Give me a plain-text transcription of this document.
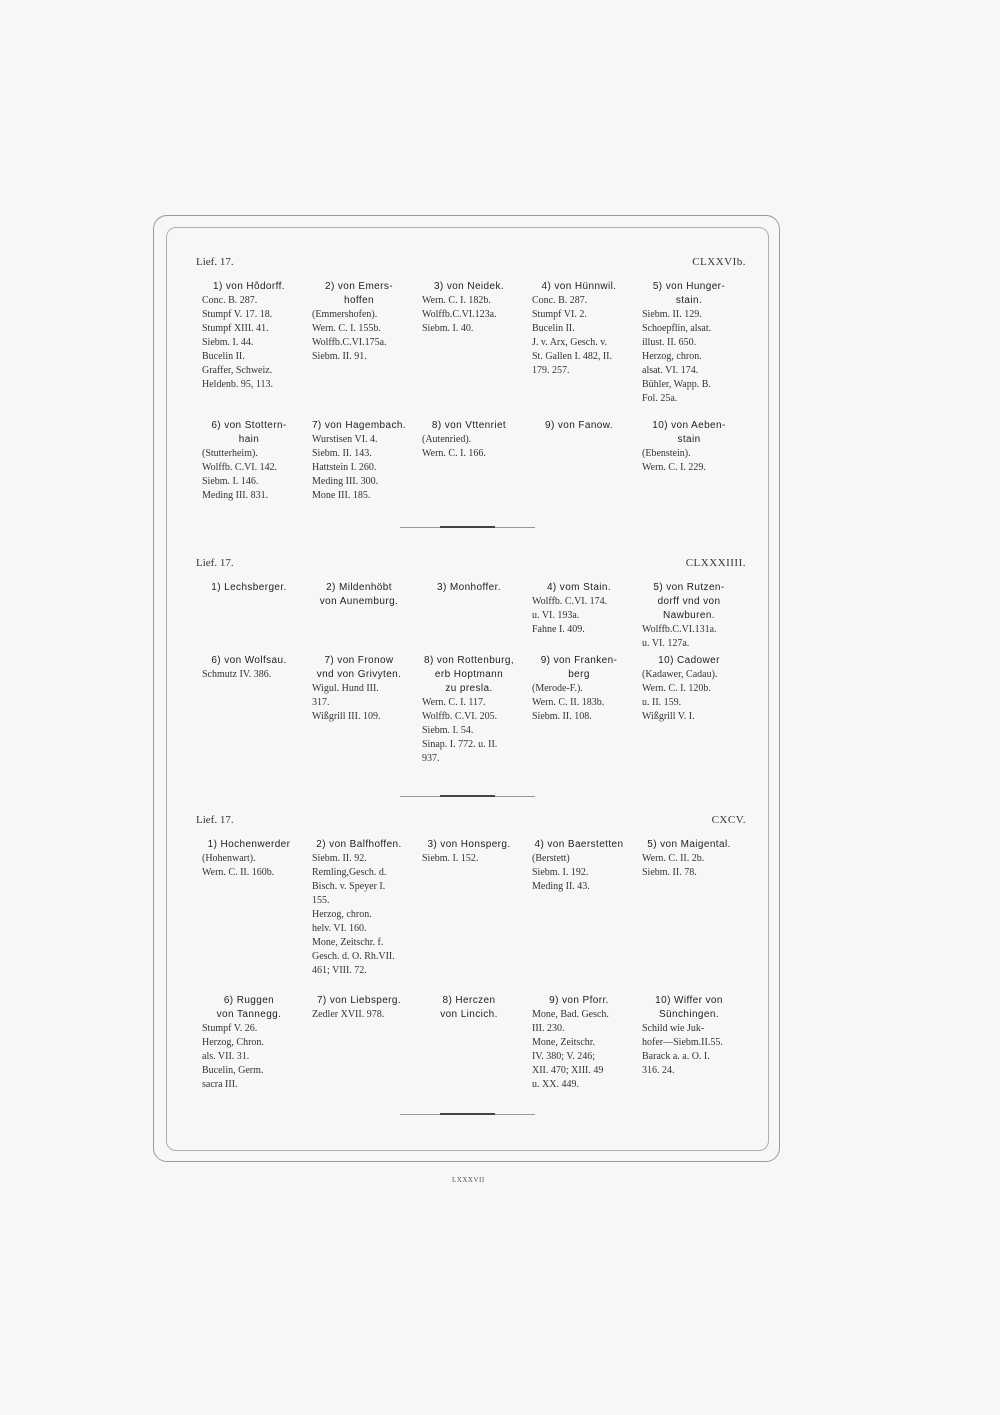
Lief. 17.	CLXXVIb.
1) von Hôdorff.
Conc. B. 287.
Stumpf V. 17. 18.
Stumpf XIII. 41.
Siebm. I. 44.
Bucelin II.
Graffer, Schweiz.
Heldenb. 95, 113.
2) von Emers-
hoffen
(Emmershofen).
Wern. C. I. 155b.
Wolffb.C.VI.175a.
Siebm. II. 91.
3) von Neidek.
Wern. C. I. 182b.
Wolffb.C.VI.123a.
Siebm. I. 40.
4) von Hünnwil.
Conc. B. 287.
Stumpf VI. 2.
Bucelin II.
J. v. Arx, Gesch. v.
St. Gallen I. 482, II.
179. 257.
5) von Hunger-
stain.
Siebm. II. 129.
Schoepflin, alsat.
illust. II. 650.
Herzog, chron.
alsat. VI. 174.
Bühler, Wapp. B.
Fol. 25a.
6) von Stottern-
hain
(Stutterheim).
Wolffb. C.VI. 142.
Siebm. I. 146.
Meding III. 831.
7) von Hagembach.
Wurstisen VI. 4.
Siebm. II. 143.
Hattstein I. 260.
Meding III. 300.
Mone III. 185.
8) von Vttenriet
(Autenried).
Wern. C. I. 166.
9) von Fanow.	10) von Aeben-
stain
(Ebenstein).
Wern. C. I. 229.
Lief. 17.	CLXXXIIII.
1) Lechsberger.	2) Mildenhöbt
von Aunemburg.
3) Monhoffer.	4) vom Stain.
Wolffb. C.VI. 174.
u. VI. 193a.
Fahne I. 409.
5) von Rutzen-
dorff vnd von
Nawburen.
Wolffb.C.VI.131a.
u. VI. 127a.
6) von Wolfsau.
Schmutz IV. 386.
7) von Fronow
vnd von Grivyten.
Wigul. Hund III.
317.
Wißgrill III. 109.
8) von Rottenburg,
erb Hoptmann
zu presla.
Wern. C. I. 117.
Wolffb. C.VI. 205.
Siebm. I. 54.
Sinap. I. 772. u. II.
937.
9) von Franken-
berg
(Merode-F.).
Wern. C. II. 183b.
Siebm. II. 108.
10) Cadower
(Kadawer, Cadau).
Wern. C. I. 120b.
u. II. 159.
Wißgrill V. I.
Lief. 17.	CXCV.
1) Hochenwerder
(Hohenwart).
Wern. C. II. 160b.
2) von Balfhoffen.
Siebm. II. 92.
Remling,Gesch. d.
Bisch. v. Speyer I.
155.
Herzog, chron.
helv. VI. 160.
Mone, Zeitschr. f.
Gesch. d. O. Rh.VII.
461; VIII. 72.
3) von Honsperg.
Siebm. I. 152.
4) von Baerstetten
(Berstett)
Siebm. I. 192.
Meding II. 43.
5) von Maigental.
Wern. C. II. 2b.
Siebm. II. 78.
6) Ruggen
von Tannegg.
Stumpf V. 26.
Herzog, Chron.
als. VII. 31.
Bucelin, Germ.
sacra III.
7) von Liebsperg.
Zedler XVII. 978.
8) Herczen
von Lincich.
9) von Pforr.
Mone, Bad. Gesch.
III. 230.
Mone, Zeitschr.
IV. 380; V. 246;
XII. 470; XIII. 49
u. XX. 449.
10) Wiffer von
Sünchingen.
Schild wie Juk-
hofer—Siebm.II.55.
Barack a. a. O. I.
316. 24.
LXXXVII
